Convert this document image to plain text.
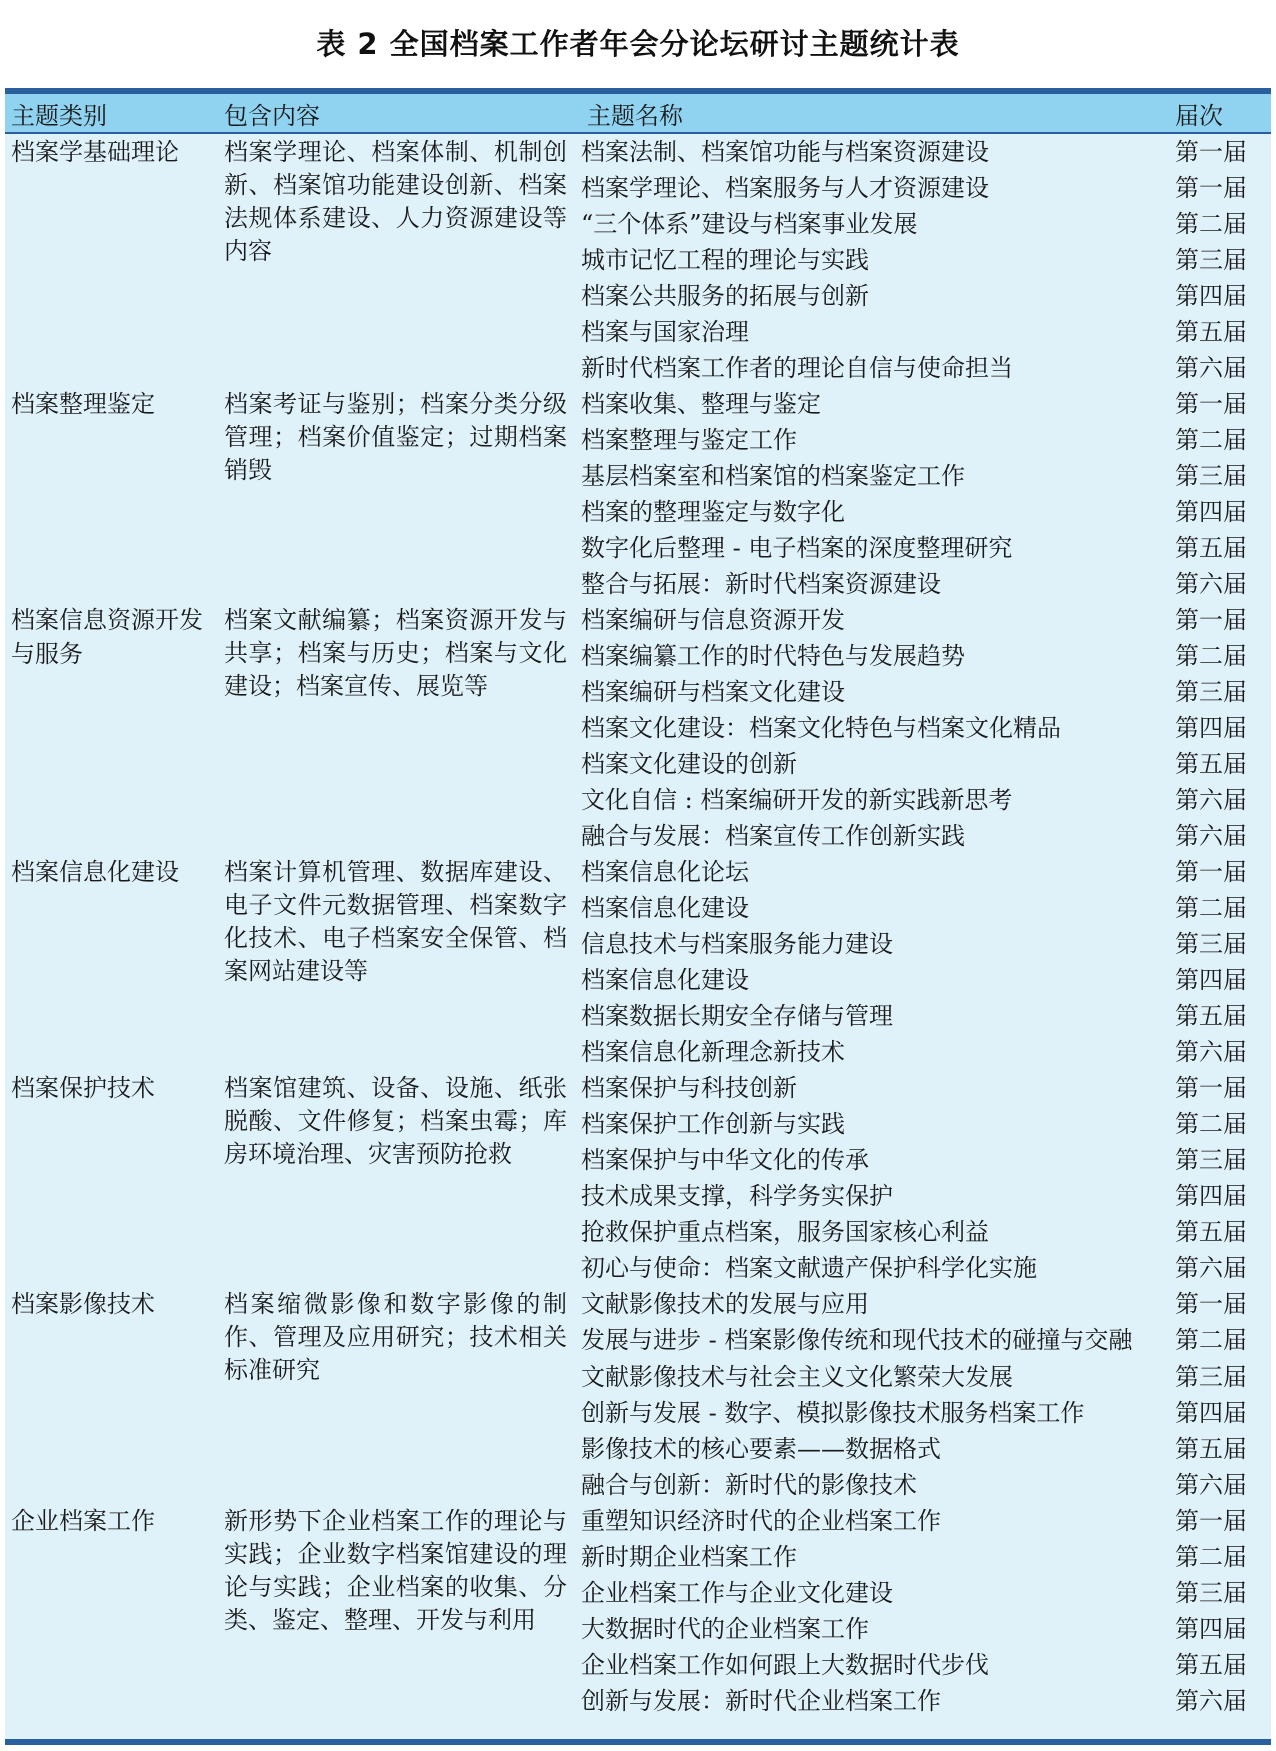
表 2 全国档案工作者年会分论坛研讨主题统计表
主题类别	包含内容	主题名称	届次
档案学基础理论	档案学理论、档案体制、机制创新、档案馆功能建设创新、档案法规体系建设、人力资源建设等内容	档案法制、档案馆功能与档案资源建设	第一届
		档案学理论、档案服务与人才资源建设	第一届
		“三个体系”建设与档案事业发展	第二届
		城市记忆工程的理论与实践	第三届
		档案公共服务的拓展与创新	第四届
		档案与国家治理	第五届
		新时代档案工作者的理论自信与使命担当	第六届
档案整理鉴定	档案考证与鉴别；档案分类分级管理；档案价值鉴定；过期档案销毁	档案收集、整理与鉴定	第一届
		档案整理与鉴定工作	第二届
		基层档案室和档案馆的档案鉴定工作	第三届
		档案的整理鉴定与数字化	第四届
		数字化后整理 - 电子档案的深度整理研究	第五届
		整合与拓展：新时代档案资源建设	第六届
档案信息资源开发与服务	档案文献编纂；档案资源开发与共享；档案与历史；档案与文化建设；档案宣传、展览等	档案编研与信息资源开发	第一届
		档案编纂工作的时代特色与发展趋势	第二届
		档案编研与档案文化建设	第三届
		档案文化建设：档案文化特色与档案文化精品	第四届
		档案文化建设的创新	第五届
		文化自信 : 档案编研开发的新实践新思考	第六届
		融合与发展：档案宣传工作创新实践	第六届
档案信息化建设	档案计算机管理、数据库建设、电子文件元数据管理、档案数字化技术、电子档案安全保管、档案网站建设等	档案信息化论坛	第一届
		档案信息化建设	第二届
		信息技术与档案服务能力建设	第三届
		档案信息化建设	第四届
		档案数据长期安全存储与管理	第五届
		档案信息化新理念新技术	第六届
档案保护技术	档案馆建筑、设备、设施、纸张脱酸、文件修复；档案虫霉；库房环境治理、灾害预防抢救	档案保护与科技创新	第一届
		档案保护工作创新与实践	第二届
		档案保护与中华文化的传承	第三届
		技术成果支撑，科学务实保护	第四届
		抢救保护重点档案，服务国家核心利益	第五届
		初心与使命：档案文献遗产保护科学化实施	第六届
档案影像技术	档案缩微影像和数字影像的制作、管理及应用研究；技术相关标准研究	文献影像技术的发展与应用	第一届
		发展与进步 - 档案影像传统和现代技术的碰撞与交融	第二届
		文献影像技术与社会主义文化繁荣大发展	第三届
		创新与发展 - 数字、模拟影像技术服务档案工作	第四届
		影像技术的核心要素——数据格式	第五届
		融合与创新：新时代的影像技术	第六届
企业档案工作	新形势下企业档案工作的理论与实践；企业数字档案馆建设的理论与实践；企业档案的收集、分类、鉴定、整理、开发与利用	重塑知识经济时代的企业档案工作	第一届
		新时期企业档案工作	第二届
		企业档案工作与企业文化建设	第三届
		大数据时代的企业档案工作	第四届
		企业档案工作如何跟上大数据时代步伐	第五届
		创新与发展：新时代企业档案工作	第六届
